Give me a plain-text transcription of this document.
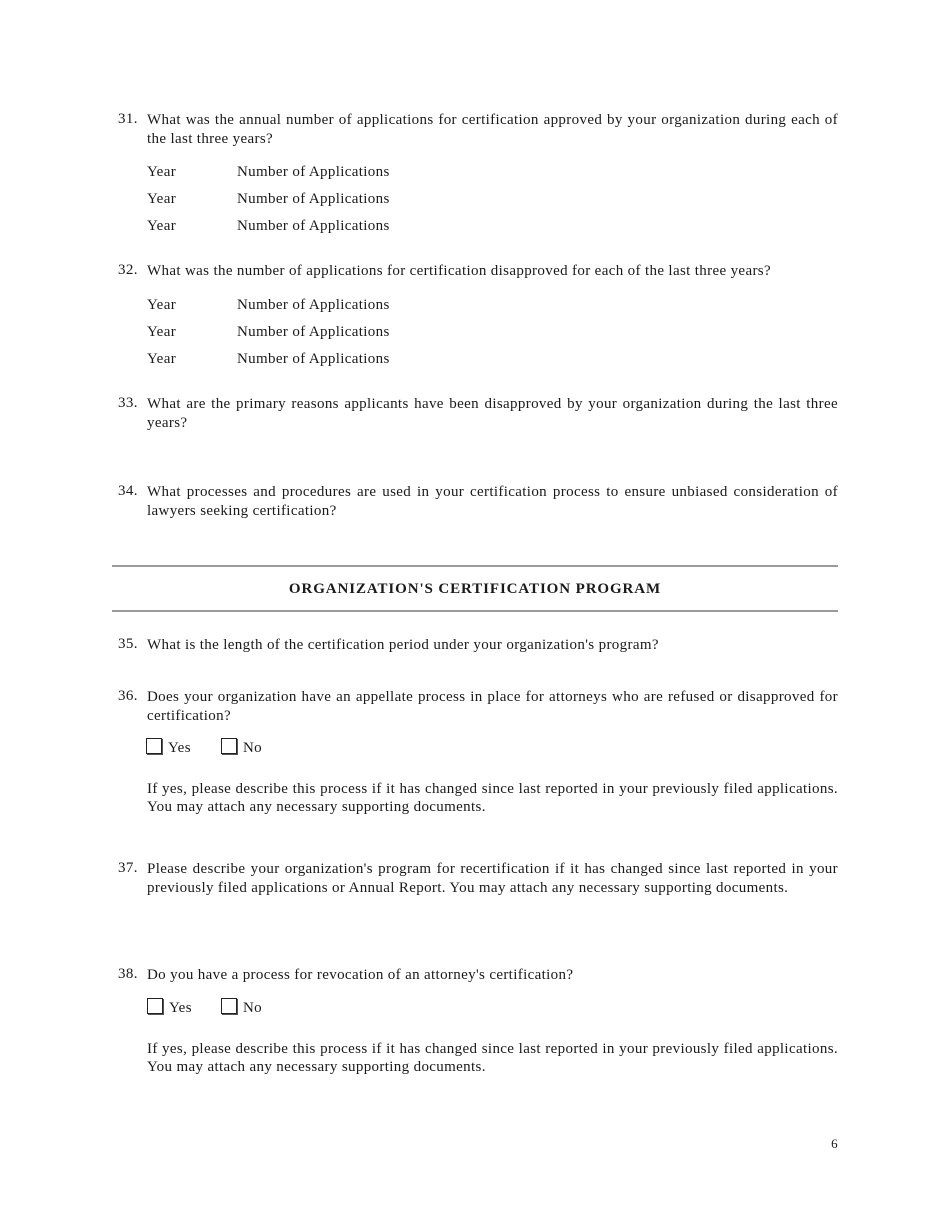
31. What was the annual number of applications for certification approved by your organization during each of the last three years?
Year	Number of Applications
Year	Number of Applications
Year	Number of Applications
32. What was the number of applications for certification disapproved for each of the last three years?
Year	Number of Applications
Year	Number of Applications
Year	Number of Applications
33. What are the primary reasons applicants have been disapproved by your organization during the last three years?
34. What processes and procedures are used in your certification process to ensure unbiased consideration of lawyers seeking certification?
ORGANIZATION'S CERTIFICATION PROGRAM
35. What is the length of the certification period under your organization's program?
36. Does your organization have an appellate process in place for attorneys who are refused or disapproved for certification?
Yes	No
If yes, please describe this process if it has changed since last reported in your previously filed applications. You may attach any necessary supporting documents.
37. Please describe your organization's program for recertification if it has changed since last reported in your previously filed applications or Annual Report. You may attach any necessary supporting documents.
38. Do you have a process for revocation of an attorney's certification?
Yes	No
If yes, please describe this process if it has changed since last reported in your previously filed applications. You may attach any necessary supporting documents.
6
